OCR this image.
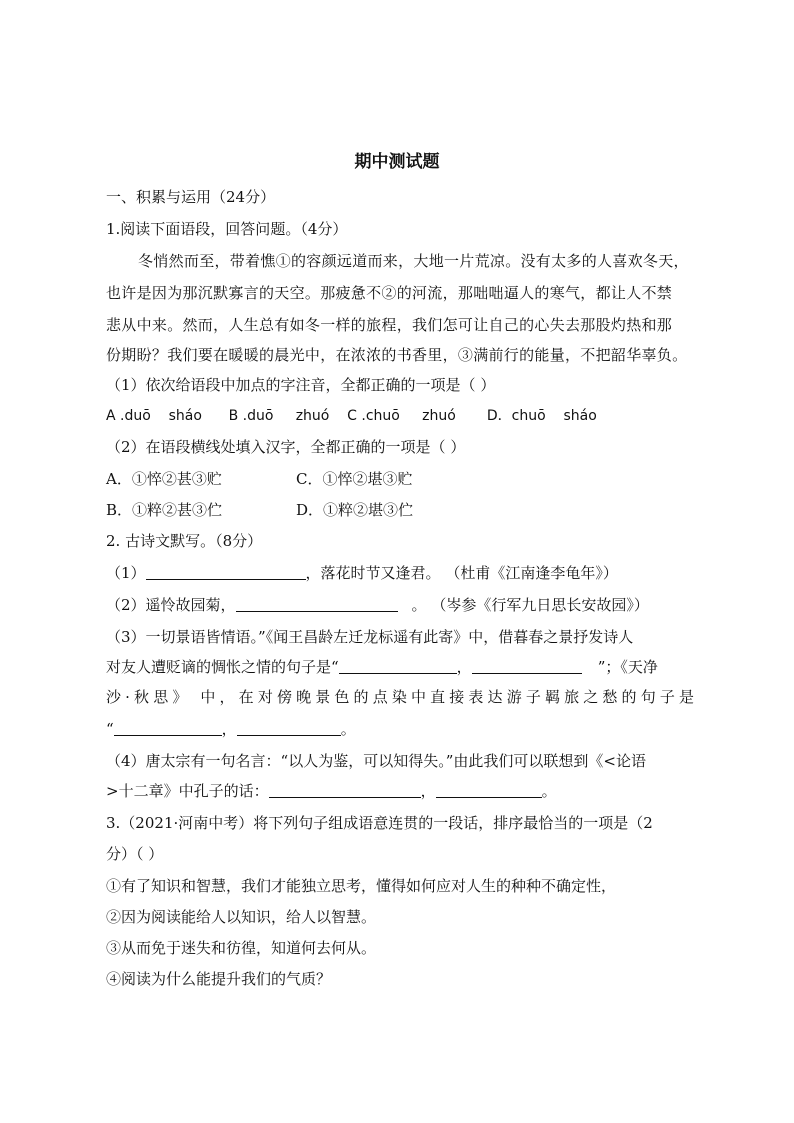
期中测试题
一、积累与运用（24分）
1.阅读下面语段，回答问题。（4分）
冬悄然而至，带着憔①的容颜远道而来，大地一片荒凉。没有太多的人喜欢冬天，
也许是因为那沉默寡言的天空。那疲惫不②的河流，那咄咄逼人的寒气，都让人不禁
悲从中来。然而，人生总有如冬一样的旅程，我们怎可让自己的心失去那股灼热和那
份期盼？我们要在暖暖的晨光中，在浓浓的书香里，③满前行的能量，不把韶华辜负。
（1）依次给语段中加点的字注音，全都正确的一项是（ ）
A .duō    sháo      B .duō     zhuó    C .chuō     zhuó       D．chuō    sháo
（2）在语段横线处填入汉字，全都正确的一项是（ ）
A．①悴②甚③贮	C．①悴②堪③贮
B．①粹②甚③伫	D．①粹②堪③伫
2. 古诗文默写。（8分）
（1）	，落花时节又逢君。 （杜甫《江南逢李龟年》）
（2）遥怜故园菊，	。 （岑参《行军九日思长安故园》）
（3）一切景语皆情语。”《闻王昌龄左迁龙标遥有此寄》中，借暮春之景抒发诗人
对友人遭贬谪的惆怅之情的句子是“	，	”；《天净
沙·秋思》 中，在对傍晚景色的点染中直接表达游子羁旅之愁的句子是
“	，	。
（4）唐太宗有一句名言：“以人为鉴，可以知得失。”由此我们可以联想到《<论语
>十二章》中孔子的话：	，	。
3.（2021·河南中考）将下列句子组成语意连贯的一段话，排序最恰当的一项是（2
分）（ ）
①有了知识和智慧，我们才能独立思考，懂得如何应对人生的种种不确定性，
②因为阅读能给人以知识，给人以智慧。
③从而免于迷失和彷徨，知道何去何从。
④阅读为什么能提升我们的气质？
